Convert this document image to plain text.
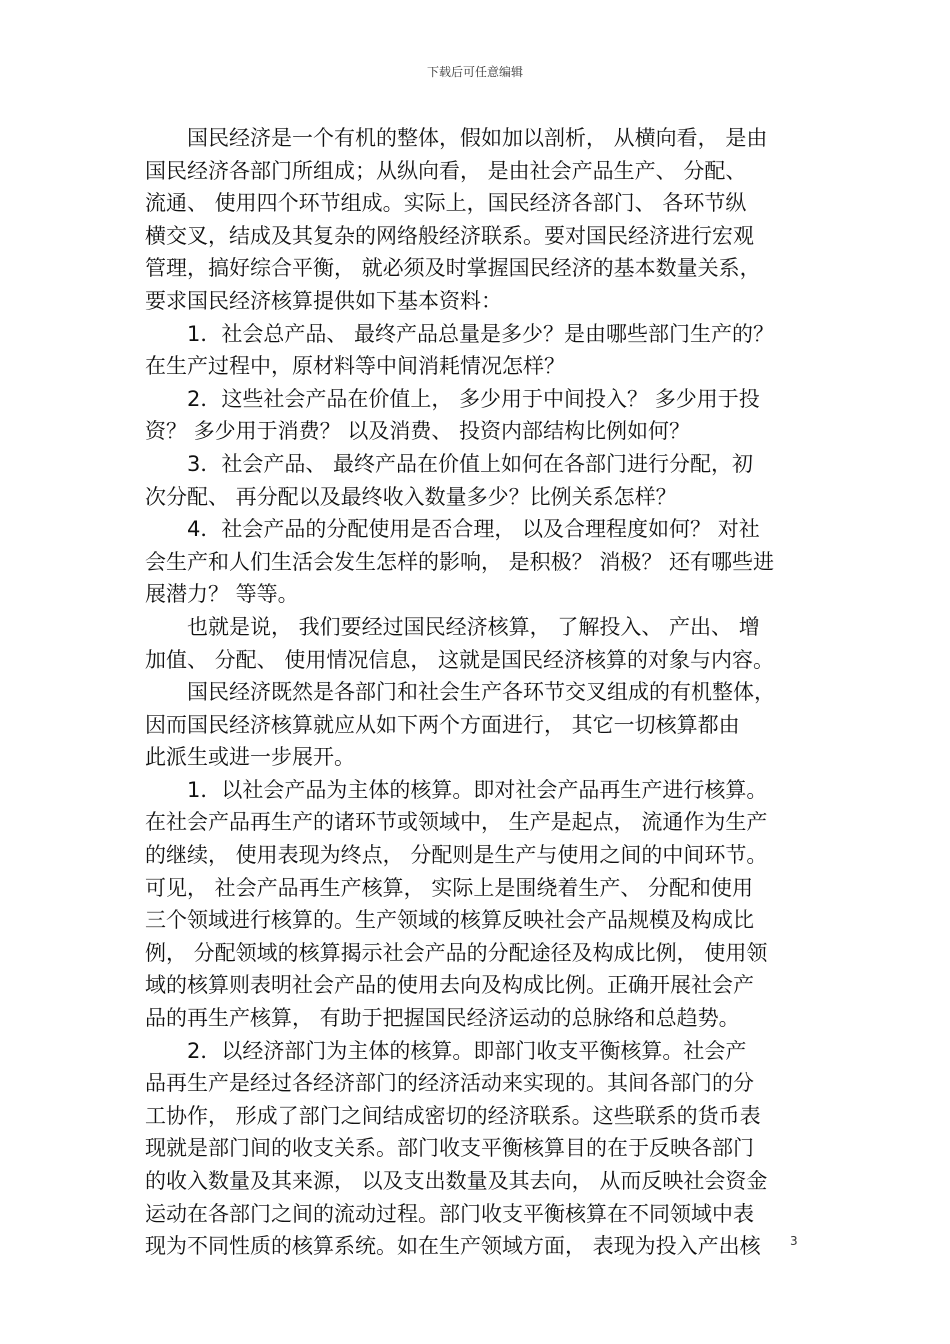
下载后可任意编辑
　　国民经济是一个有机的整体，假如加以剖析， 从横向看， 是由
国民经济各部门所组成；从纵向看， 是由社会产品生产、 分配、
流通、 使用四个环节组成。实际上，国民经济各部门、 各环节纵
横交叉，结成及其复杂的网络般经济联系。要对国民经济进行宏观
管理，搞好综合平衡， 就必须及时掌握国民经济的基本数量关系，
要求国民经济核算提供如下基本资料：
　　1．社会总产品、 最终产品总量是多少？是由哪些部门生产的？
在生产过程中，原材料等中间消耗情况怎样？
　　2．这些社会产品在价值上， 多少用于中间投入？ 多少用于投
资？ 多少用于消费？ 以及消费、 投资内部结构比例如何？
　　3．社会产品、 最终产品在价值上如何在各部门进行分配，初
次分配、 再分配以及最终收入数量多少？比例关系怎样？
　　4．社会产品的分配使用是否合理， 以及合理程度如何？ 对社
会生产和人们生活会发生怎样的影响， 是积极？ 消极？ 还有哪些进
展潜力？ 等等。
　　也就是说， 我们要经过国民经济核算， 了解投入、 产出、 增
加值、 分配、 使用情况信息， 这就是国民经济核算的对象与内容。
　　国民经济既然是各部门和社会生产各环节交叉组成的有机整体，
因而国民经济核算就应从如下两个方面进行， 其它一切核算都由
此派生或进一步展开。
　　1．以社会产品为主体的核算。即对社会产品再生产进行核算。
在社会产品再生产的诸环节或领域中， 生产是起点， 流通作为生产
的继续， 使用表现为终点， 分配则是生产与使用之间的中间环节。
可见， 社会产品再生产核算， 实际上是围绕着生产、 分配和使用
三个领域进行核算的。生产领域的核算反映社会产品规模及构成比
例， 分配领域的核算揭示社会产品的分配途径及构成比例， 使用领
域的核算则表明社会产品的使用去向及构成比例。正确开展社会产
品的再生产核算， 有助于把握国民经济运动的总脉络和总趋势。
　　2．以经济部门为主体的核算。即部门收支平衡核算。社会产
品再生产是经过各经济部门的经济活动来实现的。其间各部门的分
工协作， 形成了部门之间结成密切的经济联系。这些联系的货币表
现就是部门间的收支关系。部门收支平衡核算目的在于反映各部门
的收入数量及其来源， 以及支出数量及其去向， 从而反映社会资金
运动在各部门之间的流动过程。部门收支平衡核算在不同领域中表
现为不同性质的核算系统。如在生产领域方面， 表现为投入产出核	3
